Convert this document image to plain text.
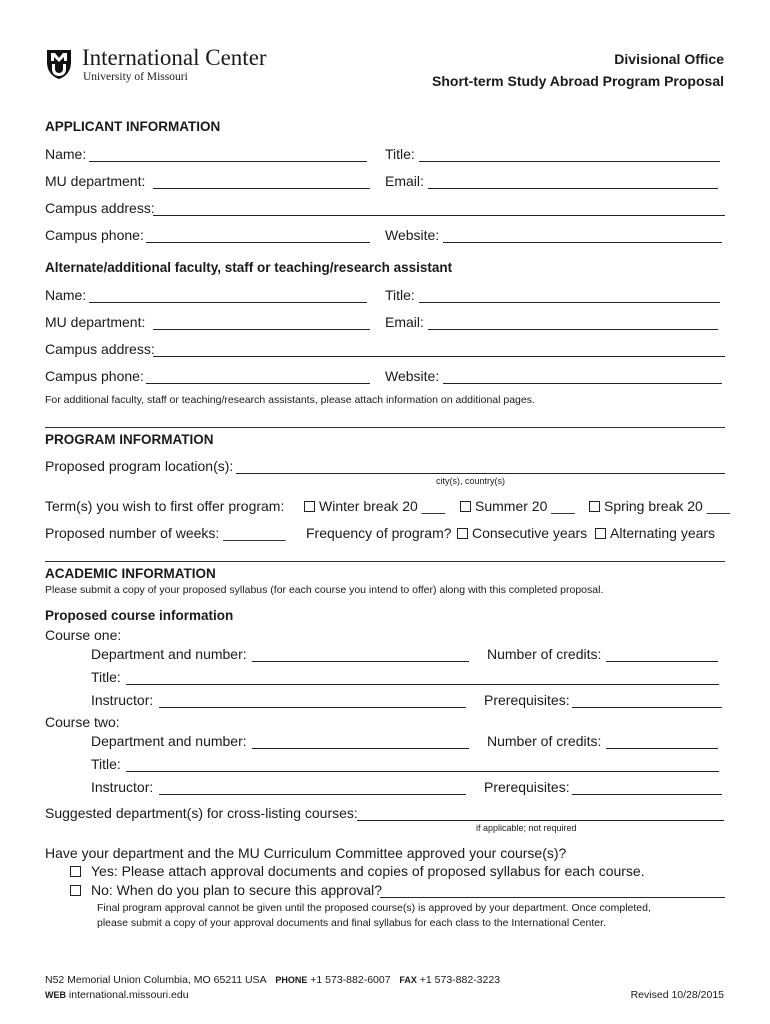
International Center
University of Missouri
Divisional Office
Short-term Study Abroad Program Proposal
APPLICANT INFORMATION
Name:	Title:
MU department:	Email:
Campus address:
Campus phone:	Website:
Alternate/additional faculty, staff or teaching/research assistant
Name:	Title:
MU department:	Email:
Campus address:
Campus phone:	Website:
For additional faculty, staff or teaching/research assistants, please attach information on additional pages.
PROGRAM INFORMATION
Proposed program location(s):
city(s), country(s)
Term(s) you wish to first offer program:	Winter break 20 ___	Summer 20 ___	Spring break 20 ___
Proposed number of weeks: ________ Frequency of program?	Consecutive years	Alternating years
ACADEMIC INFORMATION
Please submit a copy of your proposed syllabus (for each course you intend to offer) along with this completed proposal.
Proposed course information
Course one:
Department and number:	Number of credits:
Title:
Instructor:	Prerequisites:
Course two:
Department and number:	Number of credits:
Title:
Instructor:	Prerequisites:
Suggested department(s) for cross-listing courses:
if applicable; not required
Have your department and the MU Curriculum Committee approved your course(s)?
Yes: Please attach approval documents and copies of proposed syllabus for each course.
No: When do you plan to secure this approval?
Final program approval cannot be given until the proposed course(s) is approved by your department. Once completed,
please submit a copy of your approval documents and final syllabus for each class to the International Center.
N52 Memorial Union Columbia, MO 65211 USA PHONE +1 573-882-6007 FAX +1 573-882-3223
WEB international.missouri.edu	Revised 10/28/2015
